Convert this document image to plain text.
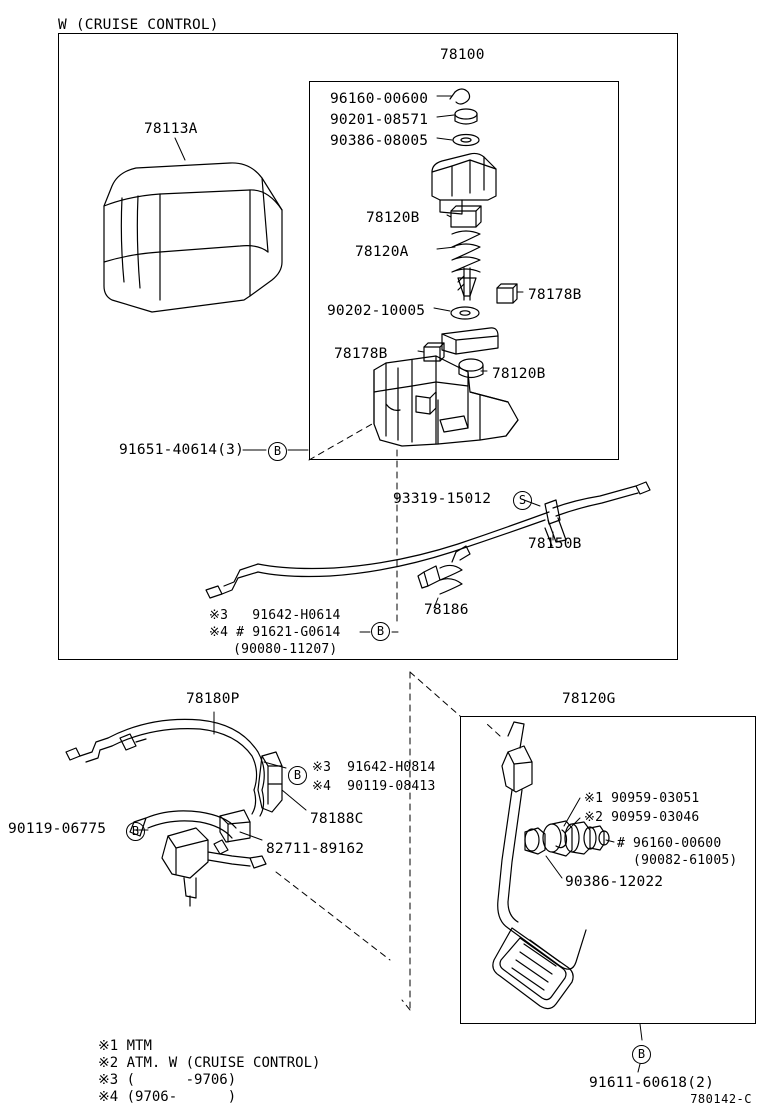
W (CRUISE CONTROL)
78100
78113A
96160-00600
90201-08571
90386-08005
78120B
78120A
90202-10005
78178B
78178B
78120B
91651-40614(3)	B
93319-15012	S
78150B
78186
※3   91642-H0614
※4 # 91621-G0614
(90080-11207)
B
78180P
90119-06775	B
B ※3  91642-H0814
※4  90119-08413
78188C
82711-89162
78120G
※1 90959-03051
※2 90959-03046
# 96160-00600
(90082-61005)
90386-12022
91611-60618(2)
B
※1 MTM
※2 ATM. W (CRUISE CONTROL)
※3 (      -9706)
※4 (9706-      )	780142-C
